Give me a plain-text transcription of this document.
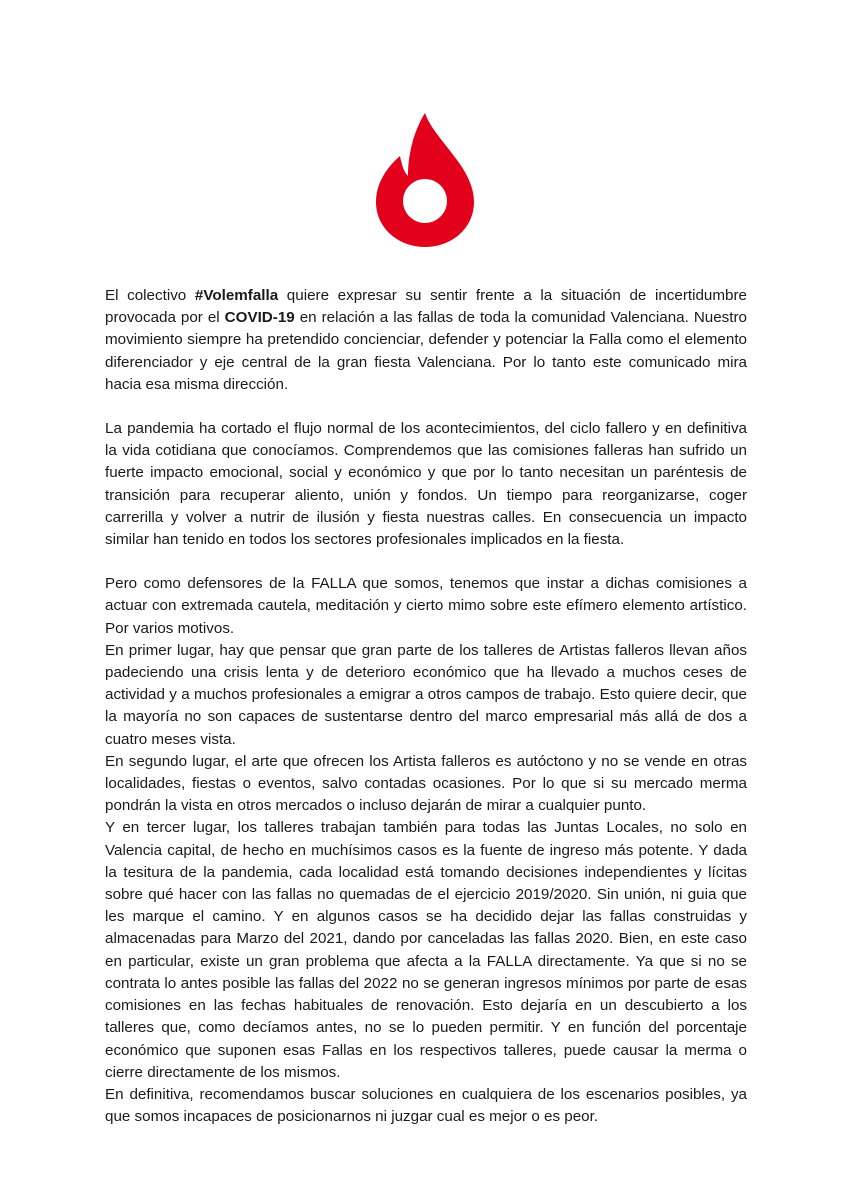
El colectivo #Volemfalla quiere expresar su sentir frente a la situación de incertidumbre provocada por el COVID-19 en relación a las fallas de toda la comunidad Valenciana. Nuestro movimiento siempre ha pretendido concienciar, defender y potenciar la Falla como el elemento diferenciador y eje central de la gran fiesta Valenciana. Por lo tanto este comunicado mira hacia esa misma dirección.

La pandemia ha cortado el flujo normal de los acontecimientos, del ciclo fallero y en definitiva la vida cotidiana que conocíamos. Comprendemos que las comisiones falleras han sufrido un fuerte impacto emocional, social y económico y que por lo tanto necesitan un paréntesis de transición para recuperar aliento, unión y fondos. Un tiempo para reorganizarse, coger carrerilla y volver a nutrir de ilusión y fiesta nuestras calles. En consecuencia un impacto similar han tenido en todos los sectores profesionales implicados en la fiesta.

Pero como defensores de la FALLA que somos, tenemos que instar a dichas comisiones a actuar con extremada cautela, meditación y cierto mimo sobre este efímero elemento artístico. Por varios motivos.

En primer lugar, hay que pensar que gran parte de los talleres de Artistas falleros llevan años padeciendo una crisis lenta y de deterioro económico que ha llevado a muchos ceses de actividad y a muchos profesionales a emigrar a otros campos de trabajo. Esto quiere decir, que la mayoría no son capaces de sustentarse dentro del marco empresarial más allá de dos a cuatro meses vista.

En segundo lugar, el arte que ofrecen los Artista falleros es autóctono y no se vende en otras localidades, fiestas o eventos, salvo contadas ocasiones. Por lo que si su mercado merma pondrán la vista en otros mercados o incluso dejarán de mirar a cualquier punto.

Y en tercer lugar, los talleres trabajan también para todas las Juntas Locales, no solo en Valencia capital, de hecho en muchísimos casos es la fuente de ingreso más potente. Y dada la tesitura de la pandemia, cada localidad está tomando decisiones independientes y lícitas sobre qué hacer con las fallas no quemadas de el ejercicio 2019/2020. Sin unión, ni guia que les marque el camino. Y en algunos casos se ha decidido dejar las fallas construidas y almacenadas para Marzo del 2021, dando por canceladas las fallas 2020. Bien, en este caso en particular, existe un gran problema que afecta a la FALLA directamente. Ya que si no se contrata lo antes posible las fallas del 2022 no se generan ingresos mínimos por parte de esas comisiones en las fechas habituales de renovación. Esto dejaría en un descubierto a los talleres que, como decíamos antes, no se lo pueden permitir. Y en función del porcentaje económico que suponen esas Fallas en los respectivos talleres, puede causar la merma o cierre directamente de los mismos.

En definitiva, recomendamos buscar soluciones en cualquiera de los escenarios posibles, ya que somos incapaces de posicionarnos ni juzgar cual es mejor o es peor.
